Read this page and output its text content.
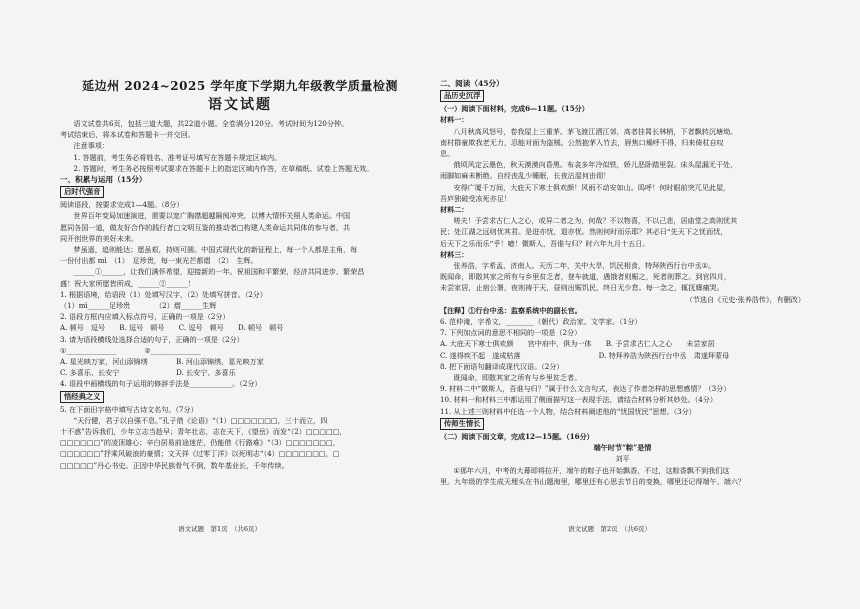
延边州 2024~2025 学年度下学期九年级教学质量检测
语文试题

语文试卷共6页，包括三道大题，共22道小题。全卷满分120分。考试时间为120分钟。

考试结束后，将本试卷和答题卡一并交回。

注意事项：

1. 答题前，考生务必将姓名、准考证号填写在答题卡规定区域内。

2. 答题时，考生务必按照考试要求在答题卡上的指定区域内作答，在草稿纸、试卷上答题无效。

一、积累与运用（15分）

启时代强音

阅读语段，按要求完成1—4题。（8分）

世界百年变局加速演进，需要以宽广胸襟超越隔阂冲突，以博大情怀关照人类命运。中国

愿同各国一道，做友好合作的践行者□文明互鉴的推动者□构建人类命运共同体的参与者，共

同开创世界的美好未来。

梦虽遥，追则能达；愿虽艰，持则可圆。中国式现代化的新征程上，每一个人都是主角，每

一份付出都 mì　（1）　足珍贵，每一束光芒都熠　（2）　生辉。

______①______，让我们满怀希望，迎接新的一年。祝祖国和平繁荣，经济共同进步、繁荣昌

盛！祝大家所愿皆所成，______②______！

1. 根据语境，给语段（1）处填写汉字，（2）处填写拼音。（2分）

（1）mì______足珍贵　　　　（2）熠______生辉

2. 语段方框内应填入标点符号，正确的一项是（2分）

A. 顿号　逗号　　B. 逗号　顿号　　C. 逗号　顿号　　D. 顿号　顿号

3. 请为语段横线处选择合适的句子，正确的一项是（2分）

①______________　　　　②______________

A. 星光映万家，河山添锦绣　　　　B. 河山添锦绣，星光映万家

C. 多喜乐、长安宁　　　　　　　　D. 长安宁、多喜乐

4. 语段中画横线的句子运用的修辞手法是____________。（2分）

悟经典之义

5. 在下面田字格中填写古诗文名句。（7分）

“天行健，君子以自强不息。”孔子借《论语》“（1）□□□□□□□，三十而立，四

十不惑”告诉我们，少年立志当趁早；青年壮志，志在天下，《望岳》而发“（2）□□□□□，

□□□□□□”的凌顶雄心；辛白居易前途迷茫，仍能借《行路难》“（3）□□□□□□□，

□□□□□□”抒乘风破浪的豪情；文天祥《过零丁洋》以死明志“（4）□□□□□□□，□

□□□□□”丹心书史。正因中华民族骨气不倒，数年基业长，千年传续。

语文试题　第1页　（共6页）

二、阅读（45分）

品历史沉浮

（一）阅读下面材料，完成6—11题。（15分）

材料一：

八月秋高风怒号，卷我屋上三重茅。茅飞渡江洒江郊，高者挂罥长林梢，下者飘转沉塘坳。

南村群童欺我老无力，忍能对面为盗贼。公然抱茅入竹去，唇焦口燥呼不得，归来倚杖自叹

息。

俄顷风定云墨色，秋天漠漠向昏黑。布衾多年冷似铁，娇儿恶卧踏里裂。床头屋漏无干处，

雨脚如麻未断绝。自经丧乱少睡眠，长夜沾湿何由彻！

安得广厦千万间，大庇天下寒士俱欢颜！风雨不动安如山。呜呼！何时眼前突兀见此屋，

吾庐独破受冻死亦足！

材料二：

嗟夫！予尝求古仁人之心，或异二者之为，何哉？不以物喜，不以己悲，居庙堂之高则忧其

民；处江湖之远则忧其君。是进亦忧，退亦忧。然则何时而乐耶？其必曰“先天下之忧而忧，

后天下之乐而乐”乎！噫！微斯人，吾谁与归？时六年九月十五日。

材料三：

张养浩，字希孟，济南人。天历二年，关中大旱，饥民相食，特拜陕西行台中丞①。

既闻命，即散其家之所有与乡里贫乏者，登车就道，遇饿者则赈之，死者则葬之。到官四月，

未尝家居，止宿公署，夜则祷于天，昼则出赈饥民，终日无少怠。每一念之，辄抚膺痛哭。

（节选自《元史·张养浩传》，有删改）

【注释】①行台中丞：监察系统中的副长官。

6. 范仲淹，字希文，________（朝代）政治家、文学家。（1分）

7. 下列加点词的意思不相同的一项是（2分）

A. 大庇天下寒士俱欢颜　　宫中府中，俱为一体　　B. 予尝求古仁人之心　　未尝家居

C. 遂得疾不起　遂成枯落　　　　　　　　　　　D. 特拜养浩为陕西行台中丞　肃遂拜蒙母

8. 把下面语句翻译成现代汉语。（2分）

既闻命，即散其家之所有与乡里贫乏者。

9. 材料二中“微斯人，吾谁与归？”属于什么文言句式，表达了作者怎样的思想感情？（3分）

10. 材料一和材料三中都运用了侧面描写这一表现手法，请结合材料分析其妙处。（4分）

11. 从上述三则材料中任选一个人物，结合材料阐述他的“忧国忧民”思想。（3分）

传师生情长

（二）阅读下面文章，完成12—15题。（16分）

端午时节“粽”是情

刘平

①那年六月，中考的大幕即将拉开，端午的粽子也开始飘香，不过，这粽香飘不到我们这

里。九年级的学生成天埋头在书山题海里，哪里还有心思去节日的变换，哪里还记得端午、端六？

语文试题　第2页　（共6页）
